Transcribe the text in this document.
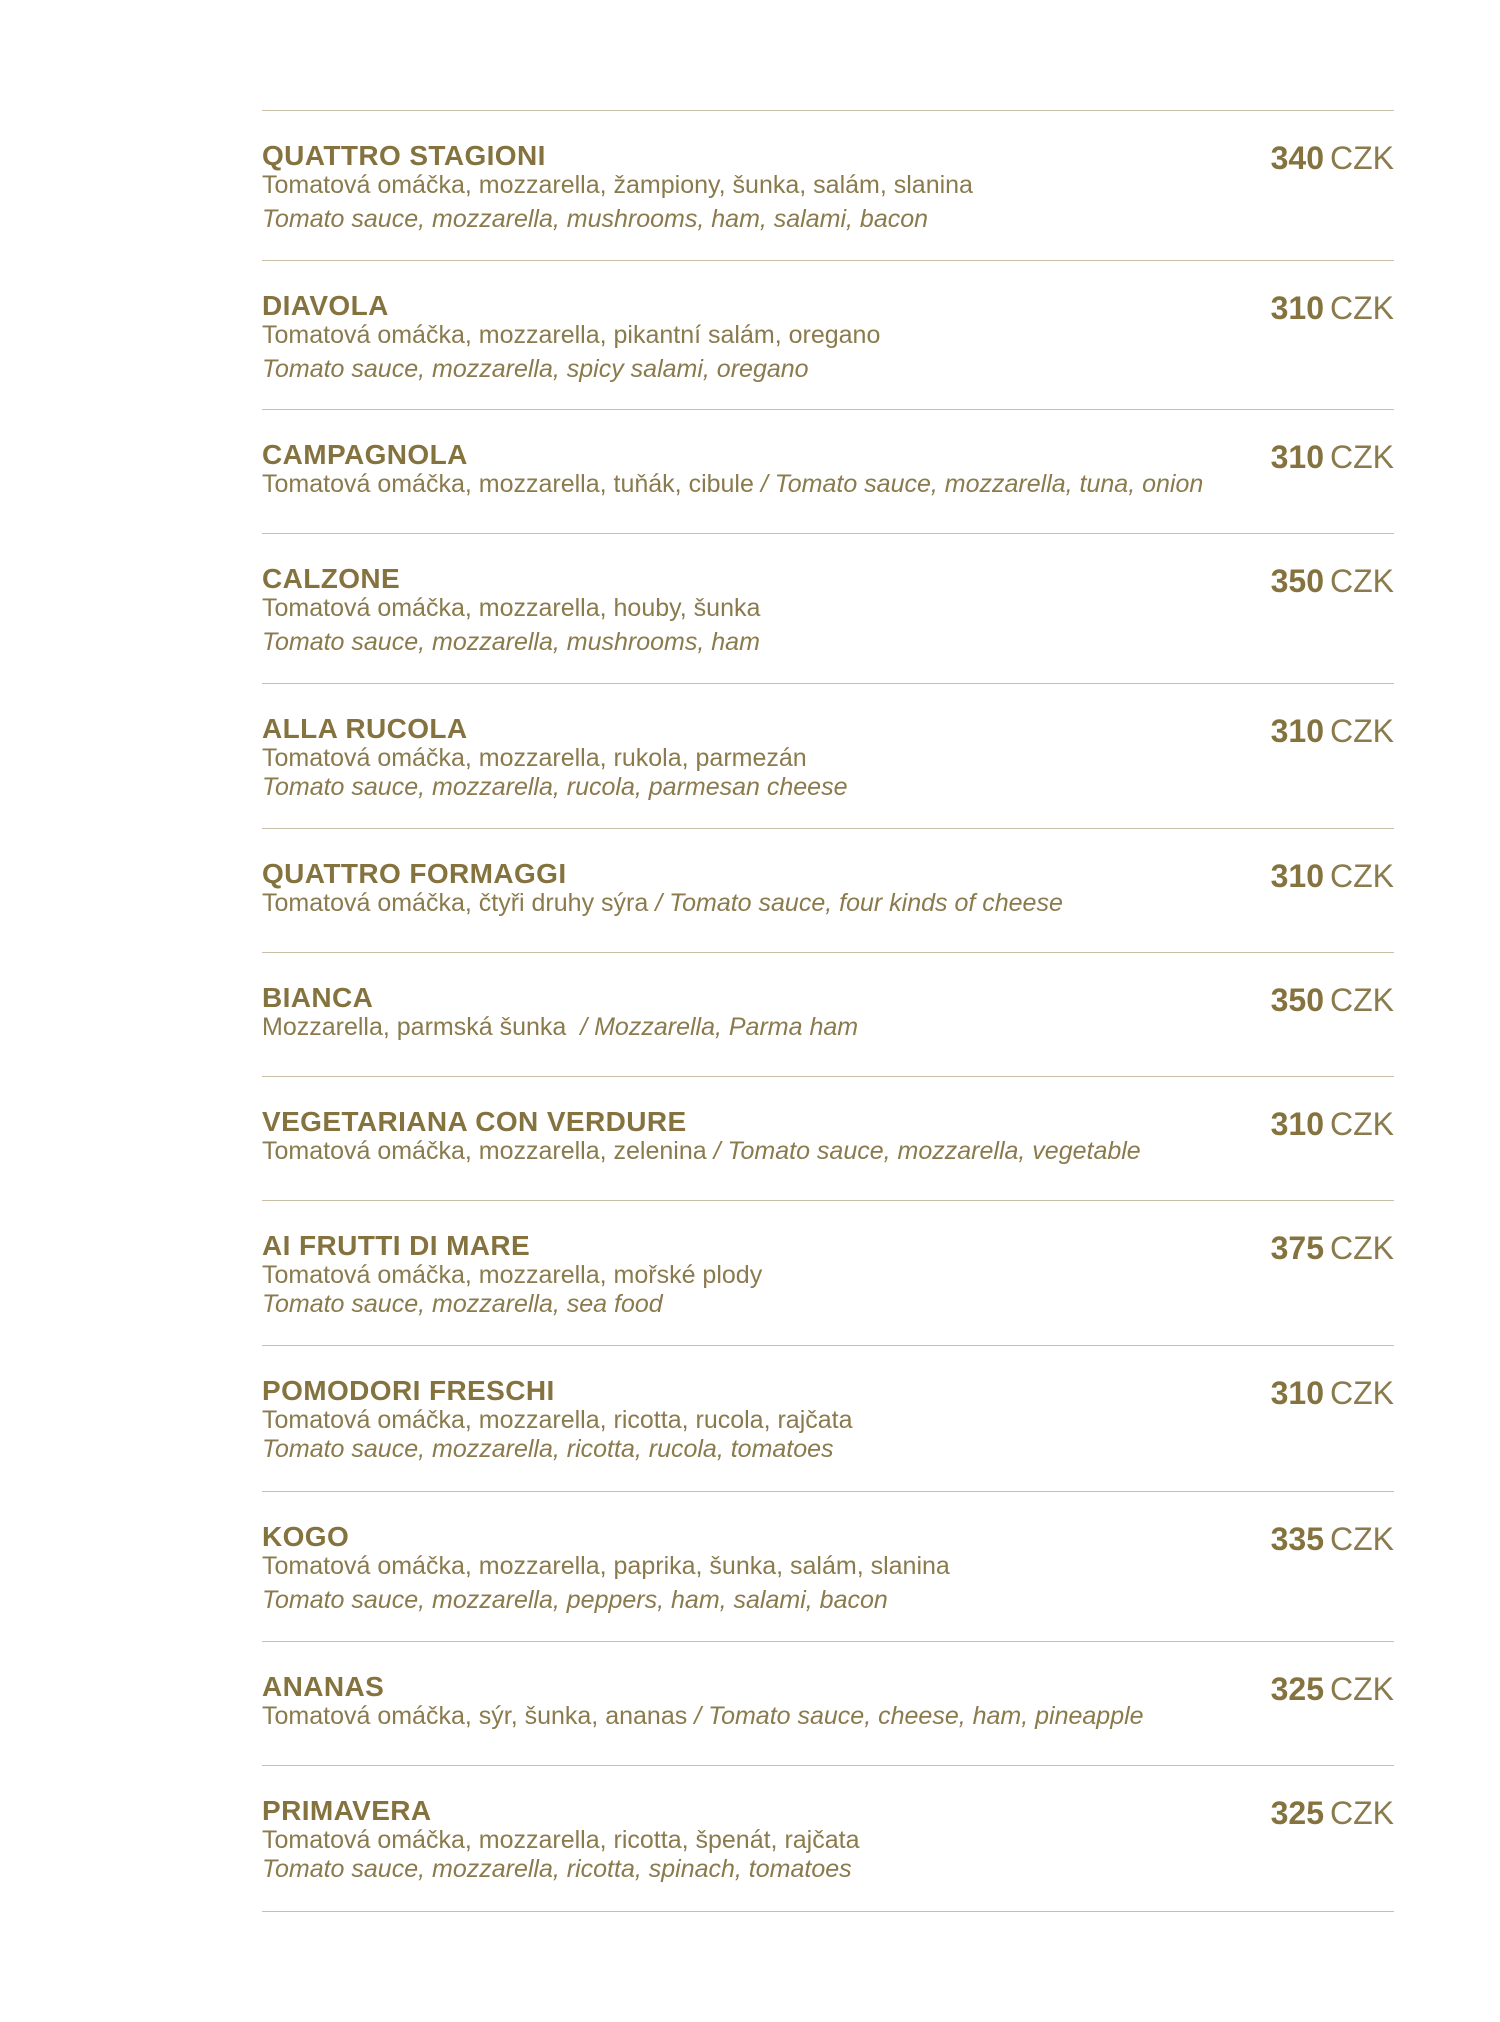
QUATTRO STAGIONI
Tomatová omáčka, mozzarella, žampiony, šunka, salám, slanina
Tomato sauce, mozzarella, mushrooms, ham, salami, bacon
340 CZK
DIAVOLA
Tomatová omáčka, mozzarella, pikantní salám, oregano
Tomato sauce, mozzarella, spicy salami, oregano
310 CZK
CAMPAGNOLA
Tomatová omáčka, mozzarella, tuňák, cibule / Tomato sauce, mozzarella, tuna, onion
310 CZK
CALZONE
Tomatová omáčka, mozzarella, houby, šunka
Tomato sauce, mozzarella, mushrooms, ham
350 CZK
ALLA RUCOLA
Tomatová omáčka, mozzarella, rukola, parmezán
Tomato sauce, mozzarella, rucola, parmesan cheese
310 CZK
QUATTRO FORMAGGI
Tomatová omáčka, čtyři druhy sýra / Tomato sauce, four kinds of cheese
310 CZK
BIANCA
Mozzarella, parmská šunka / Mozzarella, Parma ham
350 CZK
VEGETARIANA CON VERDURE
Tomatová omáčka, mozzarella, zelenina / Tomato sauce, mozzarella, vegetable
310 CZK
AI FRUTTI DI MARE
Tomatová omáčka, mozzarella, mořské plody
Tomato sauce, mozzarella, sea food
375 CZK
POMODORI FRESCHI
Tomatová omáčka, mozzarella, ricotta, rucola, rajčata
Tomato sauce, mozzarella, ricotta, rucola, tomatoes
310 CZK
KOGO
Tomatová omáčka, mozzarella, paprika, šunka, salám, slanina
Tomato sauce, mozzarella, peppers, ham, salami, bacon
335 CZK
ANANAS
Tomatová omáčka, sýr, šunka, ananas / Tomato sauce, cheese, ham, pineapple
325 CZK
PRIMAVERA
Tomatová omáčka, mozzarella, ricotta, špenát, rajčata
Tomato sauce, mozzarella, ricotta, spinach, tomatoes
325 CZK
